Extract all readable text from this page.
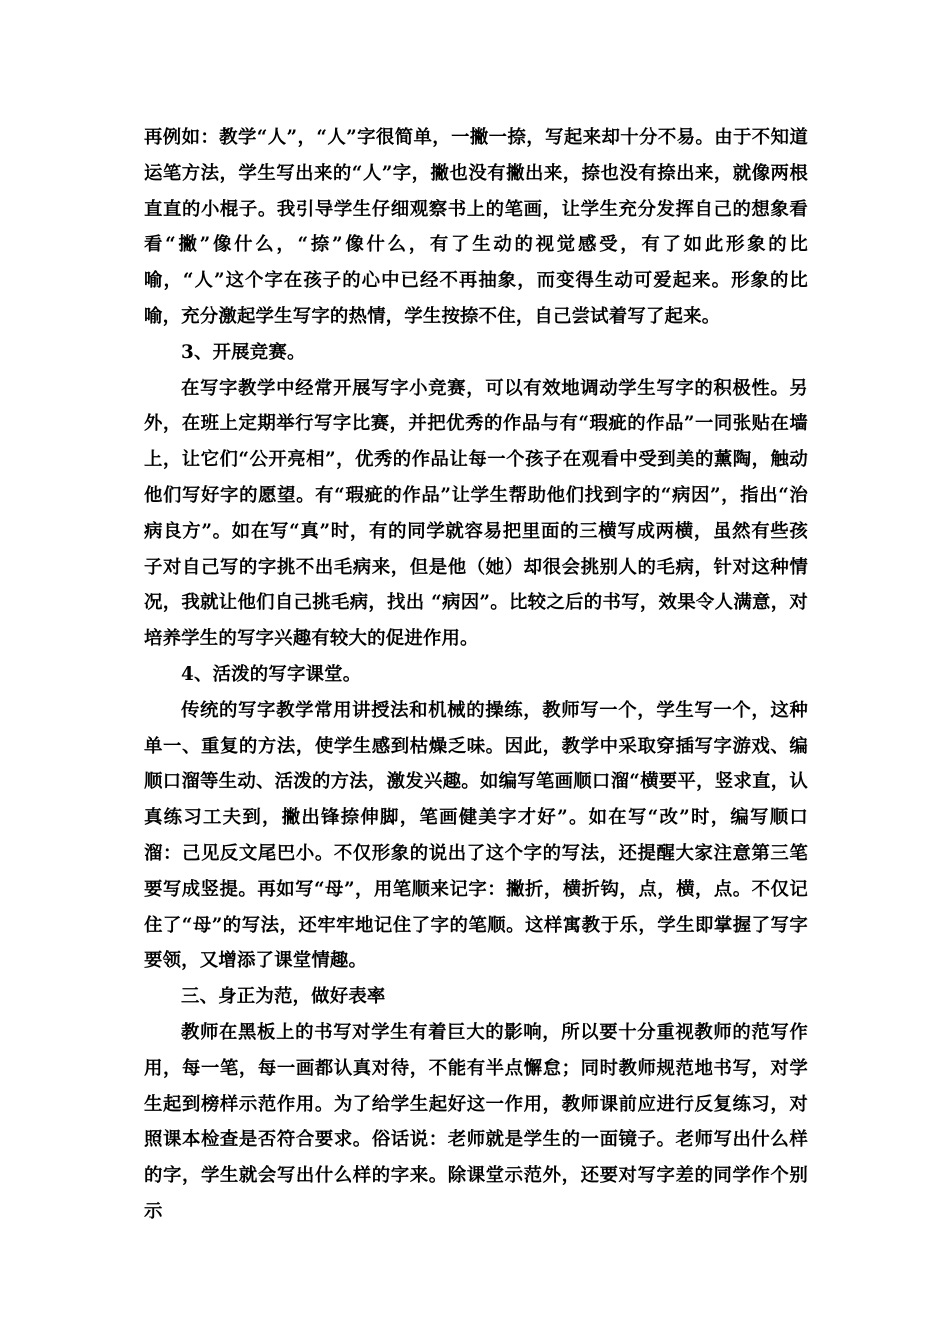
再例如：教学“人”，“人”字很简单，一撇一捺，写起来却十分不易。由于不知道运笔方法，学生写出来的“人”字，撇也没有撇出来，捺也没有捺出来，就像两根直直的小棍子。我引导学生仔细观察书上的笔画，让学生充分发挥自己的想象看看“撇”像什么，“捺”像什么，有了生动的视觉感受，有了如此形象的比喻，“人”这个字在孩子的心中已经不再抽象，而变得生动可爱起来。形象的比喻，充分激起学生写字的热情，学生按捺不住，自己尝试着写了起来。

3、开展竞赛。

在写字教学中经常开展写字小竞赛，可以有效地调动学生写字的积极性。另外，在班上定期举行写字比赛，并把优秀的作品与有“瑕疵的作品”一同张贴在墙上，让它们“公开亮相”，优秀的作品让每一个孩子在观看中受到美的薰陶，触动他们写好字的愿望。有“瑕疵的作品”让学生帮助他们找到字的“病因”，指出“治病良方”。如在写“真”时，有的同学就容易把里面的三横写成两横，虽然有些孩子对自己写的字挑不出毛病来，但是他（她）却很会挑别人的毛病，针对这种情况，我就让他们自己挑毛病，找出 “病因”。比较之后的书写，效果令人满意，对培养学生的写字兴趣有较大的促进作用。

4、活泼的写字课堂。

传统的写字教学常用讲授法和机械的操练，教师写一个，学生写一个，这种单一、重复的方法，使学生感到枯燥乏味。因此，教学中采取穿插写字游戏、编顺口溜等生动、活泼的方法，激发兴趣。如编写笔画顺口溜“横要平，竖求直，认真练习工夫到，撇出锋捺伸脚，笔画健美字才好”。如在写“改”时，编写顺口溜：己见反文尾巴小。不仅形象的说出了这个字的写法，还提醒大家注意第三笔要写成竖提。再如写“母”，用笔顺来记字：撇折，横折钩，点，横，点。不仅记住了“母”的写法，还牢牢地记住了字的笔顺。这样寓教于乐，学生即掌握了写字要领，又增添了课堂情趣。

三、身正为范，做好表率

教师在黑板上的书写对学生有着巨大的影响，所以要十分重视教师的范写作用，每一笔，每一画都认真对待，不能有半点懈怠；同时教师规范地书写，对学生起到榜样示范作用。为了给学生起好这一作用，教师课前应进行反复练习，对照课本检查是否符合要求。俗话说：老师就是学生的一面镜子。老师写出什么样的字，学生就会写出什么样的字来。除课堂示范外，还要对写字差的同学作个别示
